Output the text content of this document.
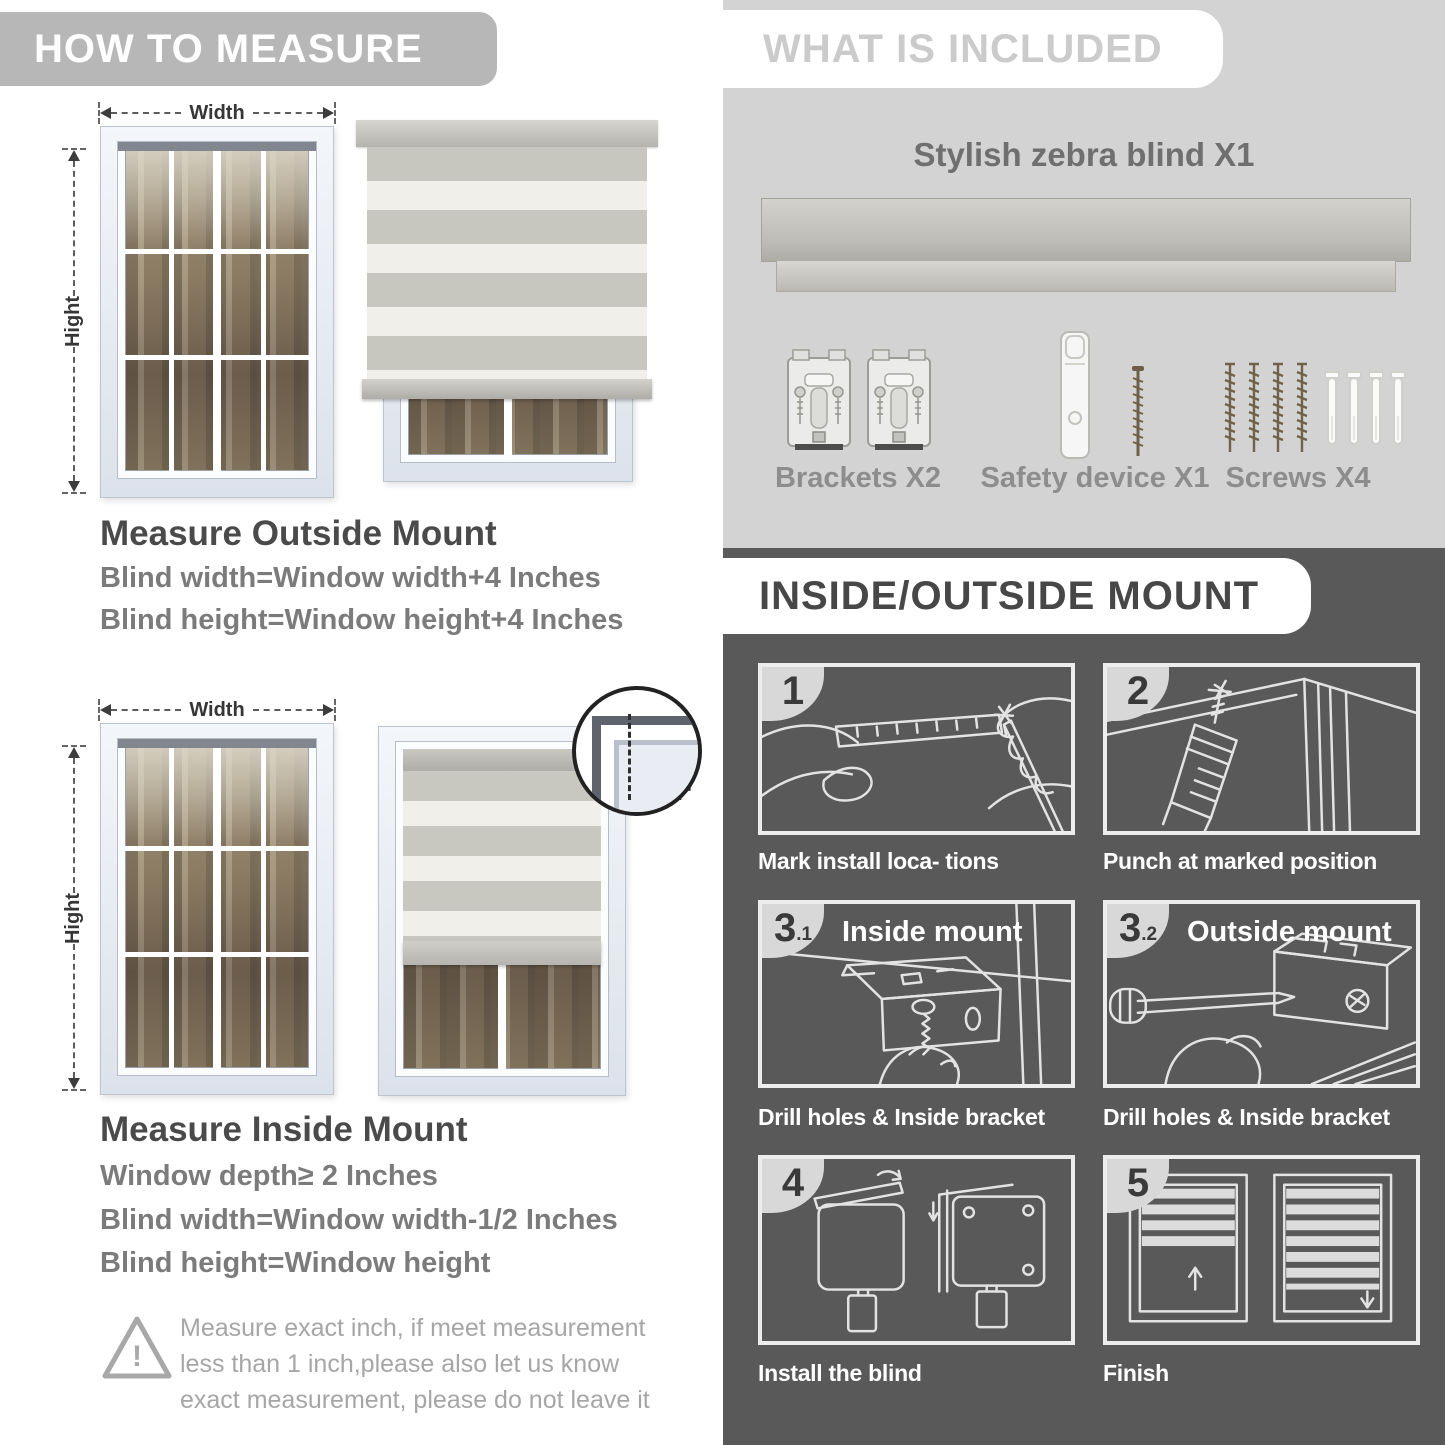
HOW TO MEASURE
Width
Hight
Measure Outside Mount
Blind width=Window width+4 Inches
Blind height=Window height+4 Inches
Width
Hight
Measure Inside Mount
Window depth≥ 2 Inches
Blind width=Window width-1/2 Inches
Blind height=Window height
!
Measure exact inch, if meet measurement less than 1 inch,please also let us know exact measurement, please do not leave it
WHAT IS INCLUDED
Stylish zebra blind X1
Brackets X2	Safety device X1 Screws X4
INSIDE/OUTSIDE MOUNT
1
Mark install loca- tions
2
Punch at marked position
3 .1 Inside mount
Drill holes & Inside bracket
3 .2 Outside mount
Drill holes & Inside bracket
4
Install the blind
5
Finish
